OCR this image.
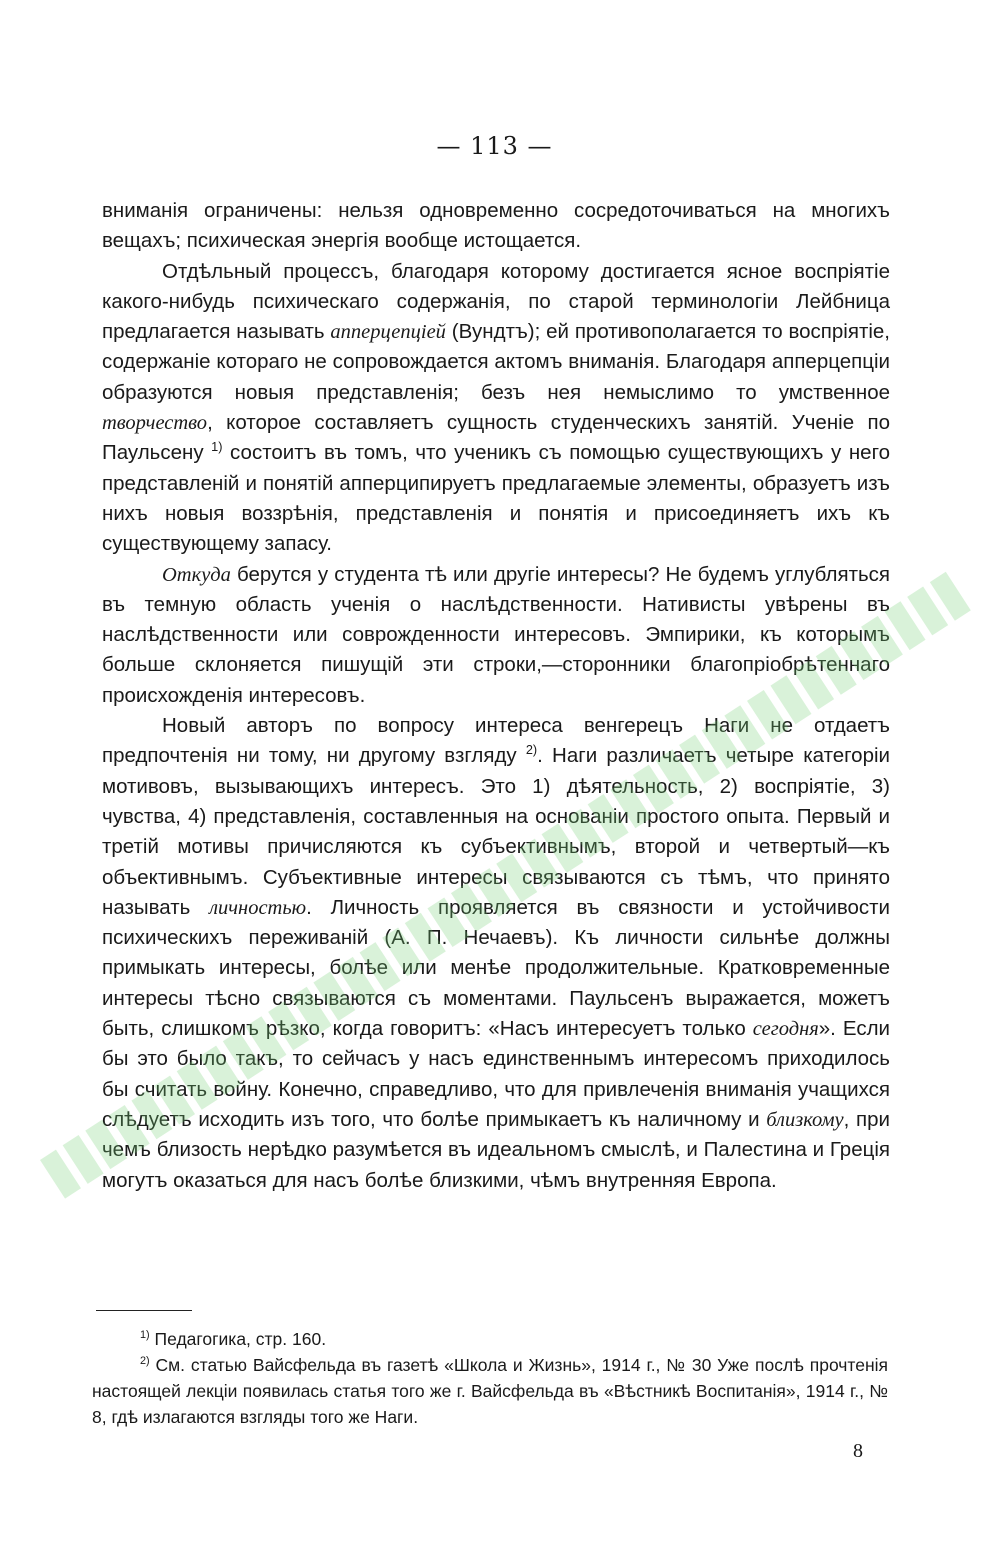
— 113 —

вниманія ограничены: нельзя одновременно сосредоточиваться на многихъ вещахъ; психическая энергія вообще истощается.

Отдѣльный процессъ, благодаря которому достигается ясное воспріятіе какого-нибудь психическаго содержанія, по старой терминологіи Лейбница предлагается называть апперцепціей (Вундтъ); ей противополагается то воспріятіе, содержаніе котораго не сопровождается актомъ вниманія. Благодаря апперцепціи образуются новыя представленія; безъ нея немыслимо то умственное творчество, которое составляетъ сущность студенческихъ занятій. Ученіе по Паульсену $^{1)}$ состоитъ въ томъ, что ученикъ съ помощью существующихъ у него представленій и понятій апперципируетъ предлагаемые элементы, образуетъ изъ нихъ новыя воззрѣнія, представленія и понятія и присоединяетъ ихъ къ существующему запасу.

Откуда берутся у студента тѣ или другіе интересы? Не будемъ углубляться въ темную область ученія о наслѣдственности. Нативисты увѣрены въ наслѣдственности или соврожденности интересовъ. Эмпирики, къ которымъ больше склоняется пишущій эти строки,—сторонники благопріобрѣтеннаго происхожденія интересовъ.

Новый авторъ по вопросу интереса венгерецъ Наги не отдаетъ предпочтенія ни тому, ни другому взгляду $^{2)}$. Наги различаетъ четыре категоріи мотивовъ, вызывающихъ интересъ. Это 1) дѣятельность, 2) воспріятіе, 3) чувства, 4) представленія, составленныя на основаніи простого опыта. Первый и третій мотивы причисляются къ субъективнымъ, второй и четвертый—къ объективнымъ. Субъективные интересы связываются съ тѣмъ, что принято называть личностью. Личность проявляется въ связности и устойчивости психическихъ переживаній (А. П. Нечаевъ). Къ личности сильнѣе должны примыкать интересы, болѣе или менѣе продолжительные. Кратковременные интересы тѣсно связываются съ моментами. Паульсенъ выражается, можетъ быть, слишкомъ рѣзко, когда говоритъ: «Насъ интересуетъ только сегодня». Если бы это было такъ, то сейчасъ у насъ единственнымъ интересомъ приходилось бы считать войну. Конечно, справедливо, что для привлеченія вниманія учащихся слѣдуетъ исходить изъ того, что болѣе примыкаетъ къ наличному и близкому, при чемъ близость нерѣдко разумѣется въ идеальномъ смыслѣ, и Палестина и Греція могутъ оказаться для насъ болѣе близкими, чѣмъ внутренняя Европа.

$^{1)}$ Педагогика, стр. 160.

$^{2)}$ См. статью Вайсфельда въ газетѣ «Школа и Жизнь», 1914 г., № 30 Уже послѣ прочтенія настоящей лекціи появилась статья того же г. Вайсфельда въ «Вѣстникѣ Воспитанія», 1914 г., № 8, гдѣ излагаются взгляды того же Наги.

8
